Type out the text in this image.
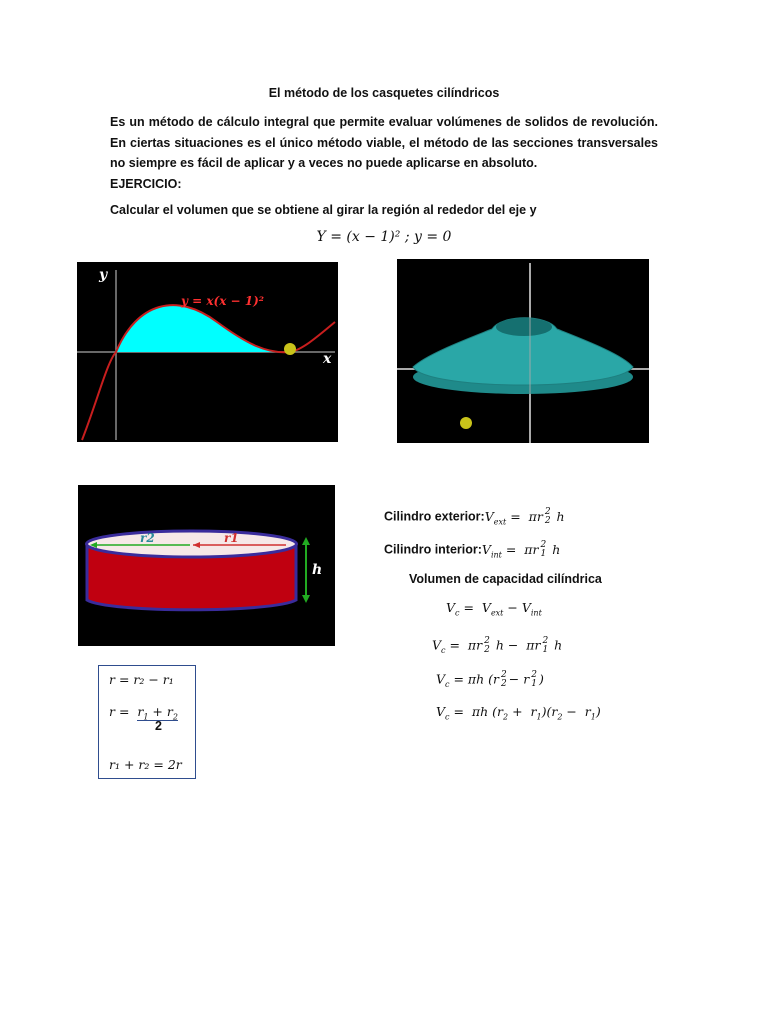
El método de los casquetes cilíndricos
Es un método de cálculo integral que permite evaluar volúmenes de solidos de revolución. En ciertas situaciones es el único método viable, el método de las secciones transversales no siempre es fácil de aplicar y a veces no puede aplicarse en absoluto.
EJERCICIO:
Calcular el volumen que se obtiene al girar la región al rededor del eje y
Y = (x − 1)² ; y = 0
y
x
y = x(x − 1)²
r2	r1
h
Cilindro $exterior:V_{ext} = \pi r$ 2
2 h
Cilindro $interior:V_{int} = \pi r$ 2
1 h
Volumen de capacidad cilíndrica
$V_c = V_{ext} - V_{int}$
$V_c = \pi r$ 2
2 h −  πr 2
1 h
$V_c = \pi h$ (r 2
2 − r 2
1 )
$V_c = \pi h$ $(r_2 + r_1)(r_2 - r_1)$
r = r₂ − r₁
$r = r_1 + r_2$
2
r₁ + r₂ = 2r
